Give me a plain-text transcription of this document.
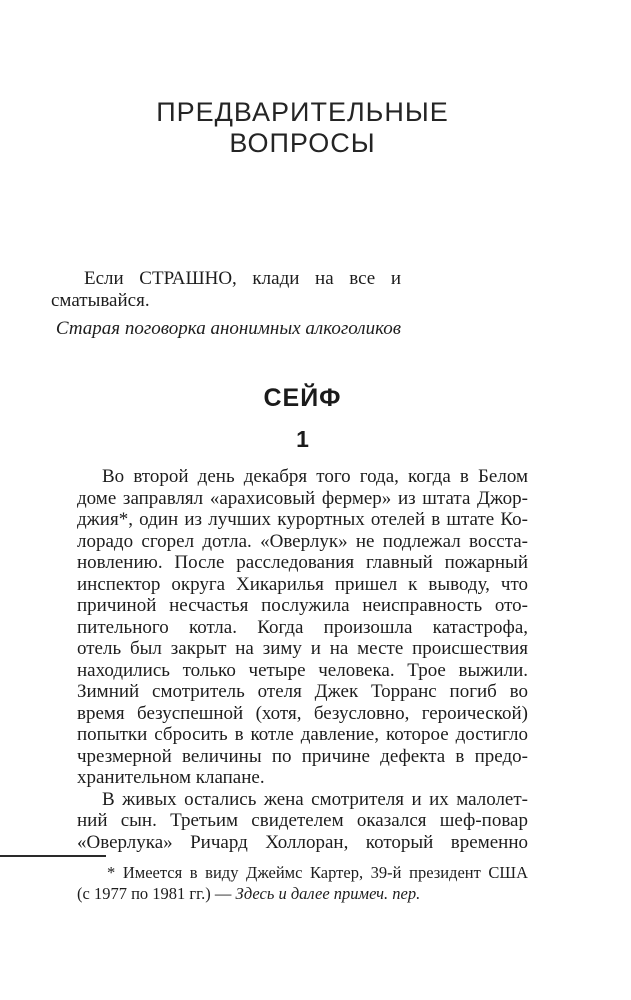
ПРЕДВАРИТЕЛЬНЫЕ
ВОПРОСЫ
Если СТРАШНО, клади на все и
сматывайся.
Старая поговорка анонимных алкоголиков
СЕЙФ
1
Во второй день декабря того года, когда в Белом
доме заправлял «арахисовый фермер» из штата Джор-
джия*, один из лучших курортных отелей в штате Ко-
лорадо сгорел дотла. «Оверлук» не подлежал восста-
новлению. После расследования главный пожарный
инспектор округа Хикарилья пришел к выводу, что
причиной несчастья послужила неисправность ото-
пительного котла. Когда произошла катастрофа,
отель был закрыт на зиму и на месте происшествия
находились только четыре человека. Трое выжили.
Зимний смотритель отеля Джек Торранс погиб во
время безуспешной (хотя, безусловно, героической)
попытки сбросить в котле давление, которое достигло
чрезмерной величины по причине дефекта в предо-
хранительном клапане.
В живых остались жена смотрителя и их малолет-
ний сын. Третьим свидетелем оказался шеф-повар
«Оверлука» Ричард Холлоран, который временно
* Имеется в виду Джеймс Картер, 39-й президент США
(с 1977 по 1981 гг.) — Здесь и далее примеч. пер.
